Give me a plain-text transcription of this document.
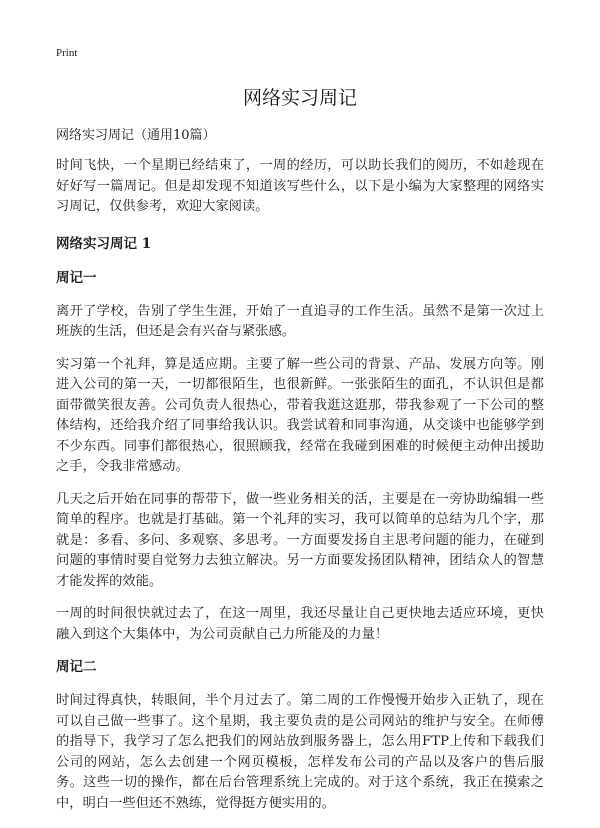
Print
网络实习周记

网络实习周记（通用10篇）

时间飞快，一个星期已经结束了，一周的经历，可以助长我们的阅历，不如趁现在好好写一篇周记。但是却发现不知道该写些什么，以下是小编为大家整理的网络实习周记，仅供参考，欢迎大家阅读。

网络实习周记 1
周记一

离开了学校，告别了学生生涯，开始了一直追寻的工作生活。虽然不是第一次过上班族的生活，但还是会有兴奋与紧张感。

实习第一个礼拜，算是适应期。主要了解一些公司的背景、产品、发展方向等。刚进入公司的第一天，一切都很陌生，也很新鲜。一张张陌生的面孔，不认识但是都面带微笑很友善。公司负责人很热心，带着我逛这逛那，带我参观了一下公司的整体结构，还给我介绍了同事给我认识。我尝试着和同事沟通，从交谈中也能够学到不少东西。同事们都很热心，很照顾我，经常在我碰到困难的时候便主动伸出援助之手，令我非常感动。

几天之后开始在同事的帮带下，做一些业务相关的活，主要是在一旁协助编辑一些简单的程序。也就是打基础。第一个礼拜的实习，我可以简单的总结为几个字，那就是：多看、多问、多观察、多思考。一方面要发扬自主思考问题的能力，在碰到问题的事情时要自觉努力去独立解决。另一方面要发扬团队精神，团结众人的智慧才能发挥的效能。

一周的时间很快就过去了，在这一周里，我还尽量让自己更快地去适应环境，更快融入到这个大集体中，为公司贡献自己力所能及的力量！

周记二

时间过得真快，转眼间，半个月过去了。第二周的工作慢慢开始步入正轨了，现在可以自己做一些事了。这个星期，我主要负责的是公司网站的维护与安全。在师傅的指导下，我学习了怎么把我们的网站放到服务器上，怎么用FTP上传和下载我们公司的网站，怎么去创建一个网页模板，怎样发布公司的产品以及客户的售后服务。这些一切的操作，都在后台管理系统上完成的。对于这个系统，我正在摸索之中，明白一些但还不熟练，觉得挺方便实用的。
